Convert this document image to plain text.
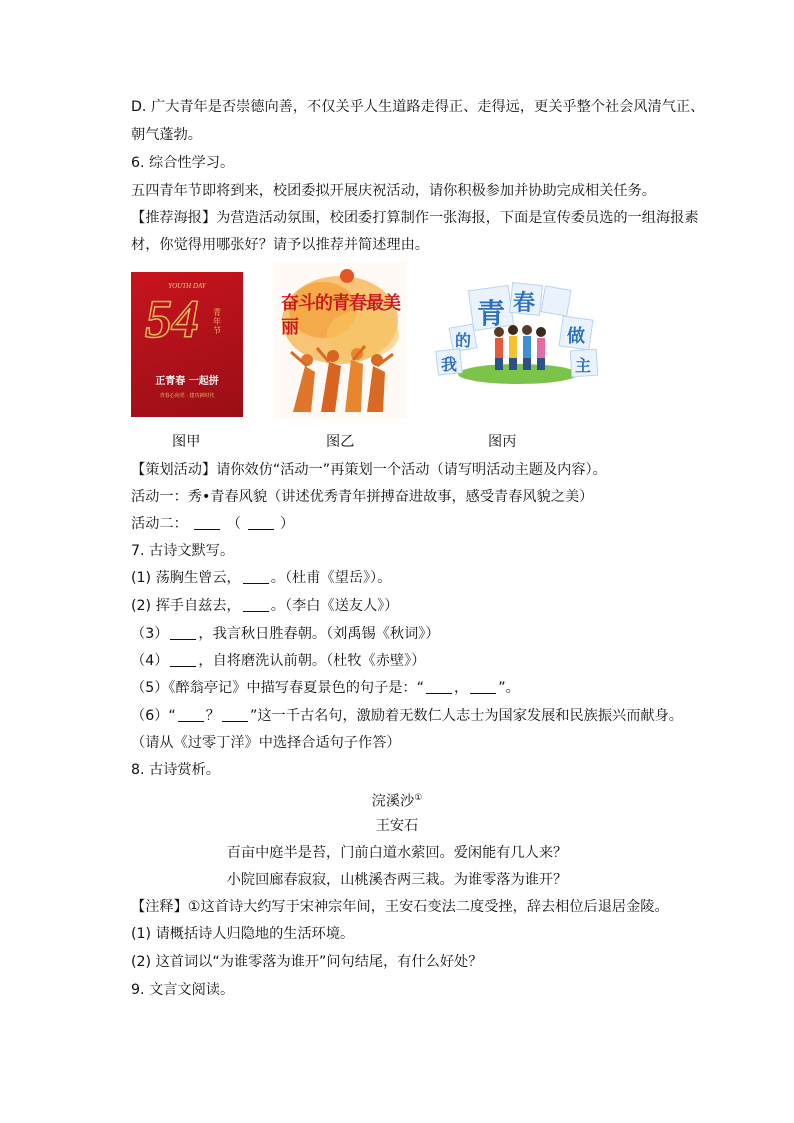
D. 广大青年是否崇德向善，不仅关乎人生道路走得正、走得远，更关乎整个社会风清气正、
朝气蓬勃。
6. 综合性学习。
五四青年节即将到来，校团委拟开展庆祝活动，请你积极参加并协助完成相关任务。
【推荐海报】为营造活动氛围，校团委打算制作一张海报，下面是宣传委员选的一组海报素
材，你觉得用哪张好？请予以推荐并简述理由。
YOUTH DAY
54 青年节
正青春 一起拼
青春心向党 · 建功新时代
奋斗的青春最美丽	青 春
我
的	做
主
图甲	图乙	图丙
【策划活动】请你效仿“活动一”再策划一个活动（请写明活动主题及内容）。
活动一：秀•青春风貌（讲述优秀青年拼搏奋进故事，感受青春风貌之美）
活动二：	（	）
7. 古诗文默写。
(1) 荡胸生曾云， 。（杜甫《望岳》）。
(2) 挥手自兹去， 。（李白《送友人》）
（3） ，我言秋日胜春朝。（刘禹锡《秋词》）
（4） ，自将磨洗认前朝。（杜牧《赤壁》）
（5）《醉翁亭记》中描写春夏景色的句子是：“ ， ”。
（6）“ ？ ”这一千古名句，激励着无数仁人志士为国家发展和民族振兴而献身。
（请从《过零丁洋》中选择合适句子作答）
8. 古诗赏析。
浣溪沙①
王安石
百亩中庭半是苔，门前白道水萦回。爱闲能有几人来？
小院回廊春寂寂，山桃溪杏两三栽。为谁零落为谁开？
【注释】①这首诗大约写于宋神宗年间，王安石变法二度受挫，辞去相位后退居金陵。
(1) 请概括诗人归隐地的生活环境。
(2) 这首词以“为谁零落为谁开”问句结尾，有什么好处？
9. 文言文阅读。
